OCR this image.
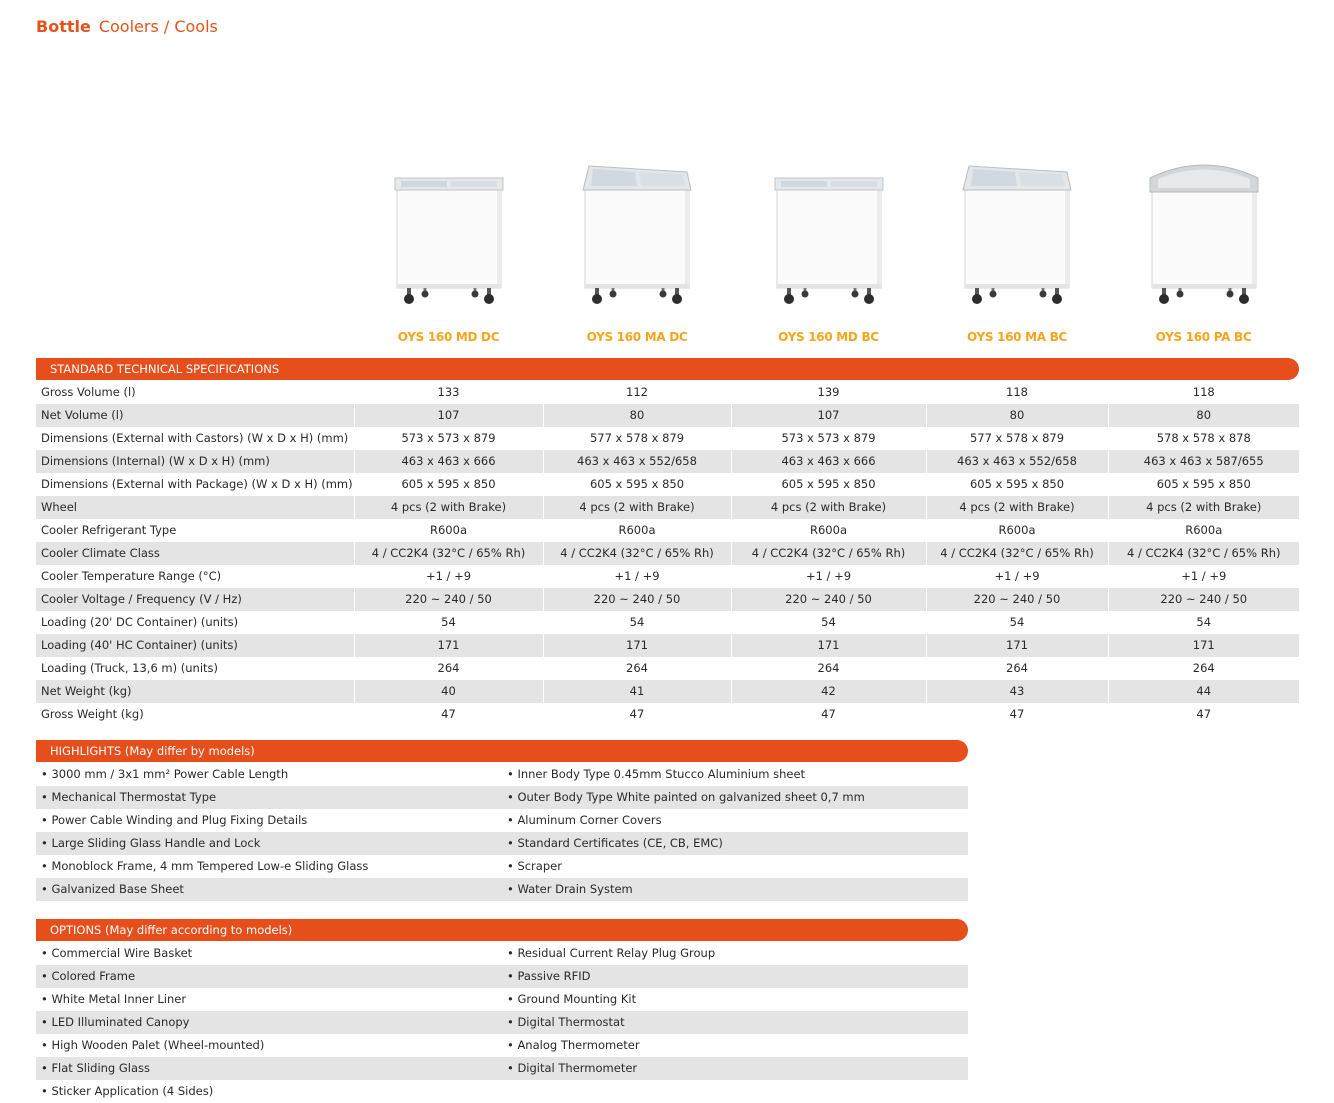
Bottle Coolers / Cools
OYS 160 MD DC	OYS 160 MA DC	OYS 160 MD BC	OYS 160 MA BC	OYS 160 PA BC
STANDARD TECHNICAL SPECIFICATIONS
Gross Volume (l)	133	112	139	118	118
Net Volume (l)	107	80	107	80	80
Dimensions (External with Castors) (W x D x H) (mm)	573 x 573 x 879	577 x 578 x 879	573 x 573 x 879	577 x 578 x 879	578 x 578 x 878
Dimensions (Internal) (W x D x H) (mm)	463 x 463 x 666	463 x 463 x 552/658	463 x 463 x 666	463 x 463 x 552/658	463 x 463 x 587/655
Dimensions (External with Package) (W x D x H) (mm)	605 x 595 x 850	605 x 595 x 850	605 x 595 x 850	605 x 595 x 850	605 x 595 x 850
Wheel	4 pcs (2 with Brake)	4 pcs (2 with Brake)	4 pcs (2 with Brake)	4 pcs (2 with Brake)	4 pcs (2 with Brake)
Cooler Refrigerant Type	R600a	R600a	R600a	R600a	R600a
Cooler Climate Class	4 / CC2K4 (32°C / 65% Rh)	4 / CC2K4 (32°C / 65% Rh)	4 / CC2K4 (32°C / 65% Rh)	4 / CC2K4 (32°C / 65% Rh)	4 / CC2K4 (32°C / 65% Rh)
Cooler Temperature Range (°C)	+1 / +9	+1 / +9	+1 / +9	+1 / +9	+1 / +9
Cooler Voltage / Frequency (V / Hz)	220 ~ 240 / 50	220 ~ 240 / 50	220 ~ 240 / 50	220 ~ 240 / 50	220 ~ 240 / 50
Loading (20' DC Container) (units)	54	54	54	54	54
Loading (40' HC Container) (units)	171	171	171	171	171
Loading (Truck, 13,6 m) (units)	264	264	264	264	264
Net Weight (kg)	40	41	42	43	44
Gross Weight (kg)	47	47	47	47	47
HIGHLIGHTS (May differ by models)
• 3000 mm / 3x1 mm² Power Cable Length	• Inner Body Type 0.45mm Stucco Aluminium sheet
• Mechanical Thermostat Type	• Outer Body Type White painted on galvanized sheet 0,7 mm
• Power Cable Winding and Plug Fixing Details	• Aluminum Corner Covers
• Large Sliding Glass Handle and Lock	• Standard Certificates (CE, CB, EMC)
• Monoblock Frame, 4 mm Tempered Low-e Sliding Glass	• Scraper
• Galvanized Base Sheet	• Water Drain System
OPTIONS (May differ according to models)
• Commercial Wire Basket	• Residual Current Relay Plug Group
• Colored Frame	• Passive RFID
• White Metal Inner Liner	• Ground Mounting Kit
• LED Illuminated Canopy	• Digital Thermostat
• High Wooden Palet (Wheel-mounted)	• Analog Thermometer
• Flat Sliding Glass	• Digital Thermometer
• Sticker Application (4 Sides)
